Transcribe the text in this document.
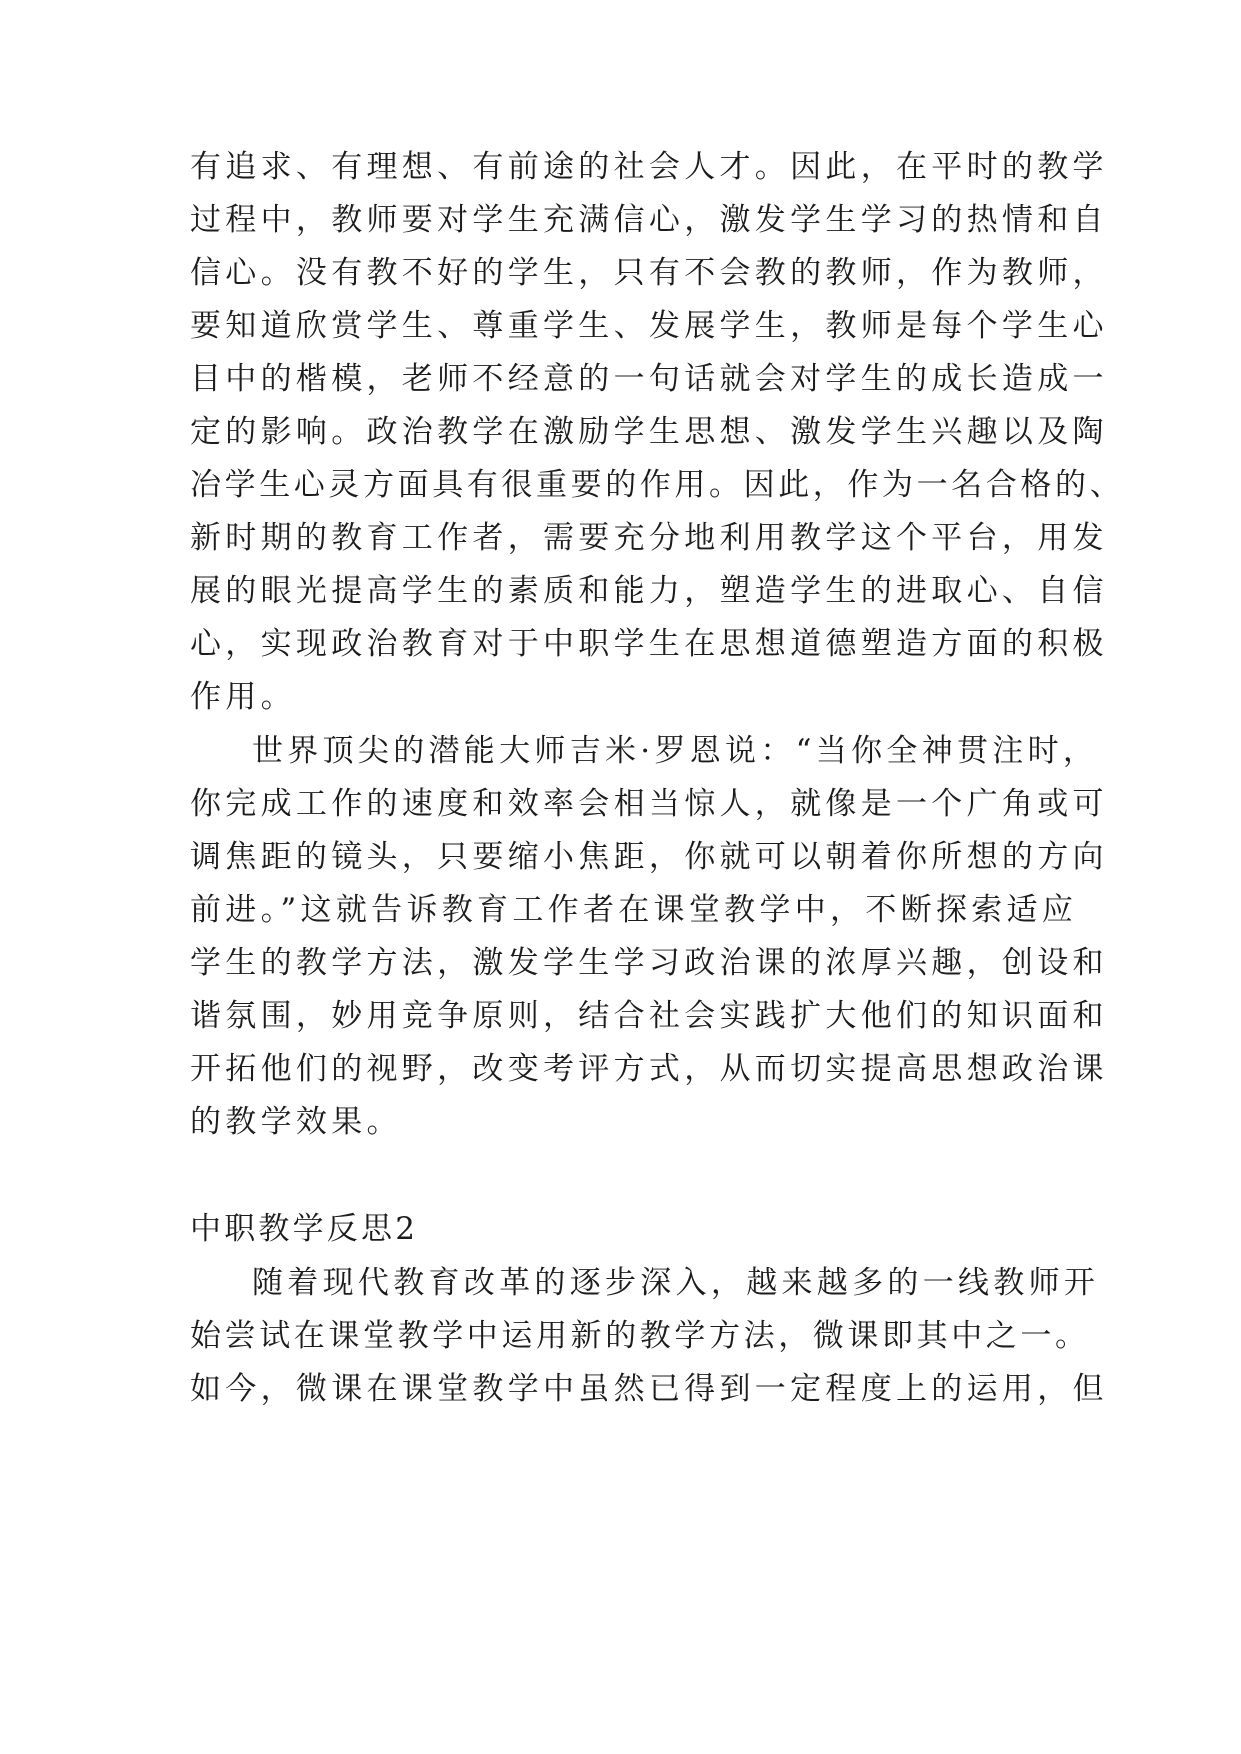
有追求、有理想、有前途的社会人才。因此，在平时的教学
过程中，教师要对学生充满信心，激发学生学习的热情和自
信心。没有教不好的学生，只有不会教的教师，作为教师，
要知道欣赏学生、尊重学生、发展学生，教师是每个学生心
目中的楷模，老师不经意的一句话就会对学生的成长造成一
定的影响。政治教学在激励学生思想、激发学生兴趣以及陶
冶学生心灵方面具有很重要的作用。因此，作为一名合格的、
新时期的教育工作者，需要充分地利用教学这个平台，用发
展的眼光提高学生的素质和能力，塑造学生的进取心、自信
心，实现政治教育对于中职学生在思想道德塑造方面的积极
作用。
世界顶尖的潜能大师吉米·罗恩说：“当你全神贯注时，
你完成工作的速度和效率会相当惊人，就像是一个广角或可
调焦距的镜头，只要缩小焦距，你就可以朝着你所想的方向
前进。”这就告诉教育工作者在课堂教学中，不断探索适应
学生的教学方法，激发学生学习政治课的浓厚兴趣，创设和
谐氛围，妙用竞争原则，结合社会实践扩大他们的知识面和
开拓他们的视野，改变考评方式，从而切实提高思想政治课
的教学效果。
中职教学反思2
随着现代教育改革的逐步深入，越来越多的一线教师开
始尝试在课堂教学中运用新的教学方法，微课即其中之一。
如今，微课在课堂教学中虽然已得到一定程度上的运用，但
